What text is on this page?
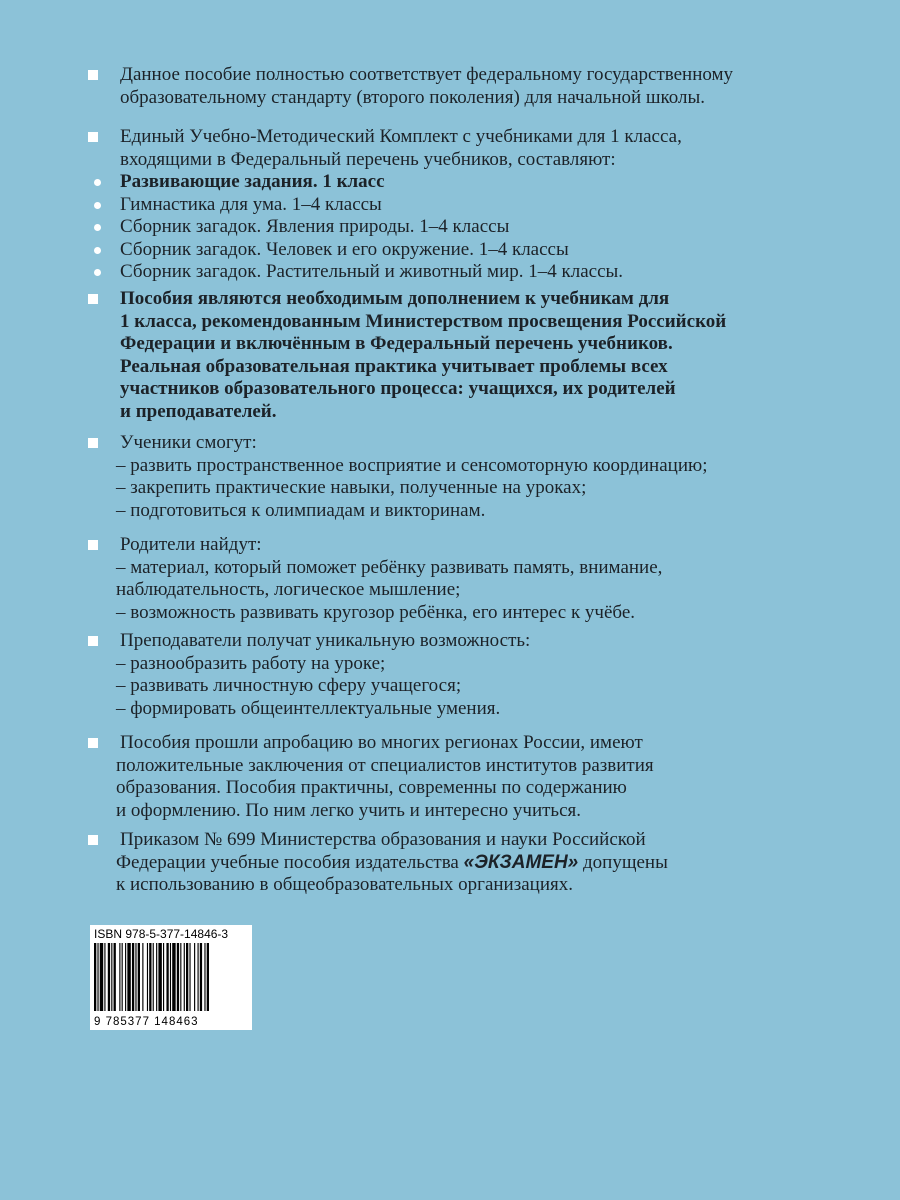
Данное пособие полностью соответствует федеральному государственному

образовательному стандарту (второго поколения) для начальной школы.

Единый Учебно-Методический Комплект с учебниками для 1 класса,

входящими в Федеральный перечень учебников, составляют:

Развивающие задания. 1 класс
Гимнастика для ума. 1–4 классы
Сборник загадок. Явления природы. 1–4 классы
Сборник загадок. Человек и его окружение. 1–4 классы
Сборник загадок. Растительный и животный мир. 1–4 классы.

Пособия являются необходимым дополнением к учебникам для

1 класса, рекомендованным Министерством просвещения Российской

Федерации и включённым в Федеральный перечень учебников.

Реальная образовательная практика учитывает проблемы всех

участников образовательного процесса: учащихся, их родителей

и преподавателей.

Ученики смогут:

– развить пространственное восприятие и сенсомоторную координацию;

– закрепить практические навыки, полученные на уроках;

– подготовиться к олимпиадам и викторинам.

Родители найдут:

– материал, который поможет ребёнку развивать память, внимание,

наблюдательность, логическое мышление;

– возможность развивать кругозор ребёнка, его интерес к учёбе.

Преподаватели получат уникальную возможность:

– разнообразить работу на уроке;

– развивать личностную сферу учащегося;

– формировать общеинтеллектуальные умения.

Пособия прошли апробацию во многих регионах России, имеют

положительные заключения от специалистов институтов развития

образования. Пособия практичны, современны по содержанию

и оформлению. По ним легко учить и интересно учиться.

Приказом № 699 Министерства образования и науки Российской

Федерации учебные пособия издательства «ЭКЗАМЕН» допущены

к использованию в общеобразовательных организациях.

ISBN 978-5-377-14846-3
9 785377 148463
